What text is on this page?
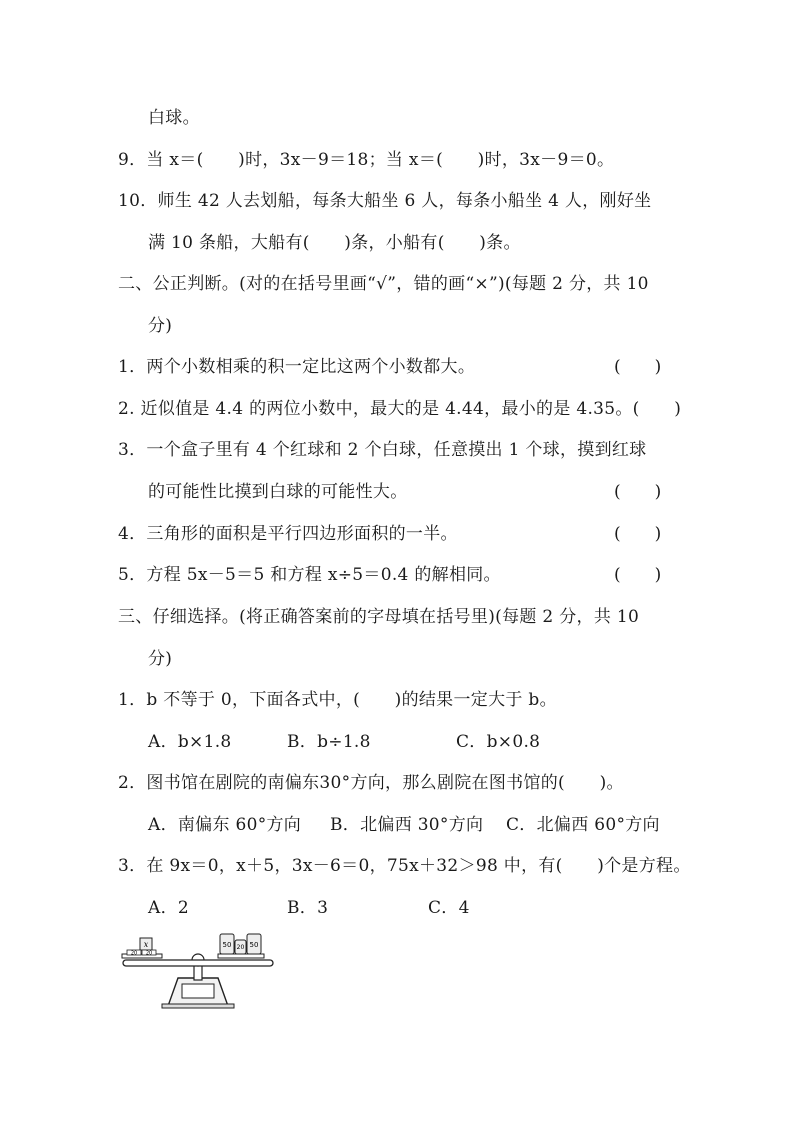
白球。
9．当 x＝(　　)时，3x－9＝18；当 x＝(　　)时，3x－9＝0。
10．师生 42 人去划船，每条大船坐 6 人，每条小船坐 4 人，刚好坐
满 10 条船，大船有(　　)条，小船有(　　)条。
二、公正判断。(对的在括号里画“√”，错的画“×”)(每题 2 分，共 10
分)
1．两个小数相乘的积一定比这两个小数都大。	(　　)
2. 近似值是 4.4 的两位小数中，最大的是 4.44，最小的是 4.35。(　　)
3．一个盒子里有 4 个红球和 2 个白球，任意摸出 1 个球，摸到红球
的可能性比摸到白球的可能性大。	(　　)
4．三角形的面积是平行四边形面积的一半。	(　　)
5．方程 5x－5＝5 和方程 x÷5＝0.4 的解相同。	(　　)
三、仔细选择。(将正确答案前的字母填在括号里)(每题 2 分，共 10
分)
1．b 不等于 0，下面各式中，(　　)的结果一定大于 b。
A．b×1.8	B．b÷1.8	C．b×0.8
2．图书馆在剧院的南偏东30°方向，那么剧院在图书馆的(　　)。
A．南偏东 60°方向 B．北偏西 30°方向 C．北偏西 60°方向
3．在 9x＝0，x＋5，3x－6＝0，75x＋32＞98 中，有(　　)个是方程。
A．2	B．3	C．4
x
20 20
50 20 50
